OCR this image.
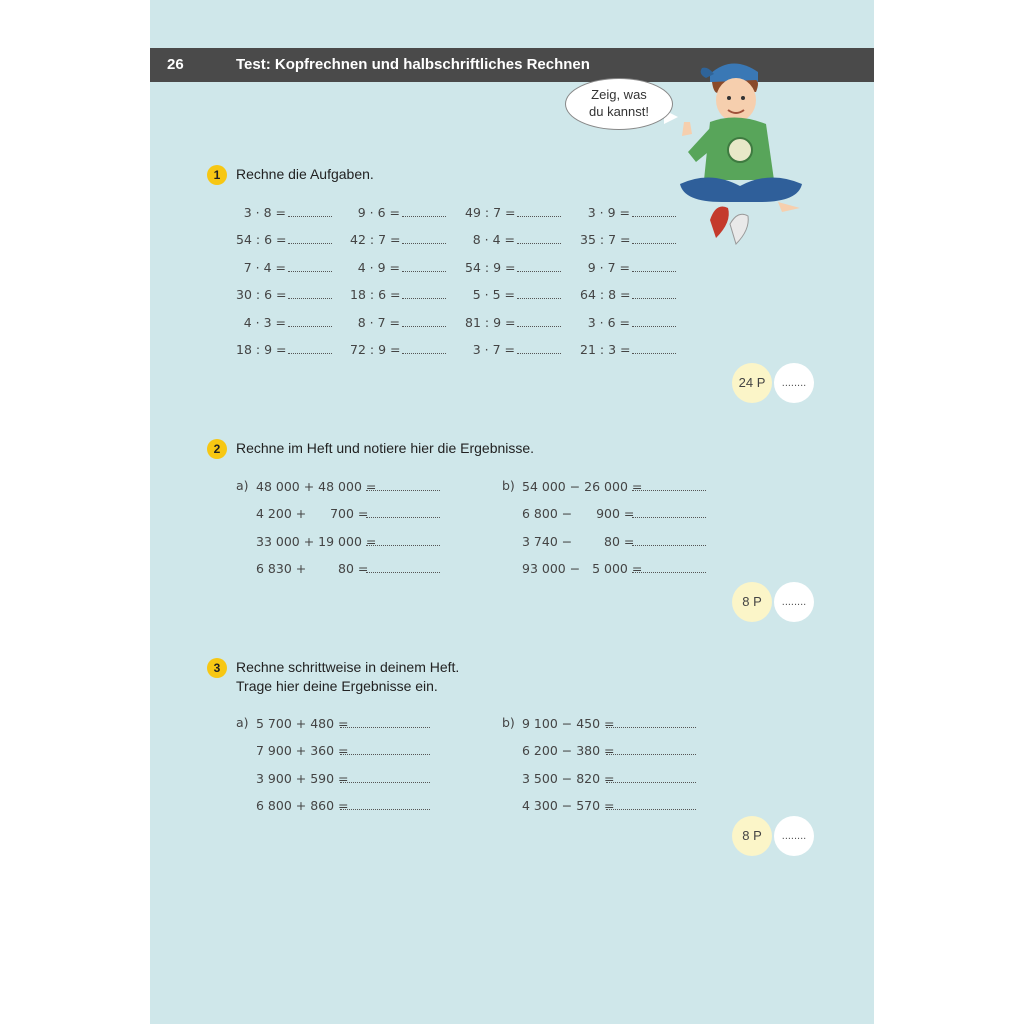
26	Test: Kopfrechnen und halbschriftliches Rechnen
Zeig, was
du kannst!
1	Rechne die Aufgaben.
24 P	........
2	Rechne im Heft und notiere hier die Ergebnisse.
a)	b)
8 P	........
3	Rechne schrittweise in deinem Heft.
Trage hier deine Ergebnisse ein.
a)	b)
8 P	........
3 · 8 =	9 · 6 =	49 : 7 =	3 · 9 =
54 : 6 =	42 : 7 =	8 · 4 =	35 : 7 =
7 · 4 =	4 · 9 =	54 : 9 =	9 · 7 =
30 : 6 =	18 : 6 =	5 · 5 =	64 : 8 =
4 · 3 =	8 · 7 =	81 : 9 =	3 · 6 =
18 : 9 =	72 : 9 =	3 · 7 =	21 : 3 =
48 000 + 48 000 =
4 200 +      700 =
33 000 + 19 000 =
6 830 +        80 =
54 000 − 26 000 =
6 800 −      900 =
3 740 −        80 =
93 000 −   5 000 =
5 700 + 480 =
7 900 + 360 =
3 900 + 590 =
6 800 + 860 =
9 100 − 450 =
6 200 − 380 =
3 500 − 820 =
4 300 − 570 =
